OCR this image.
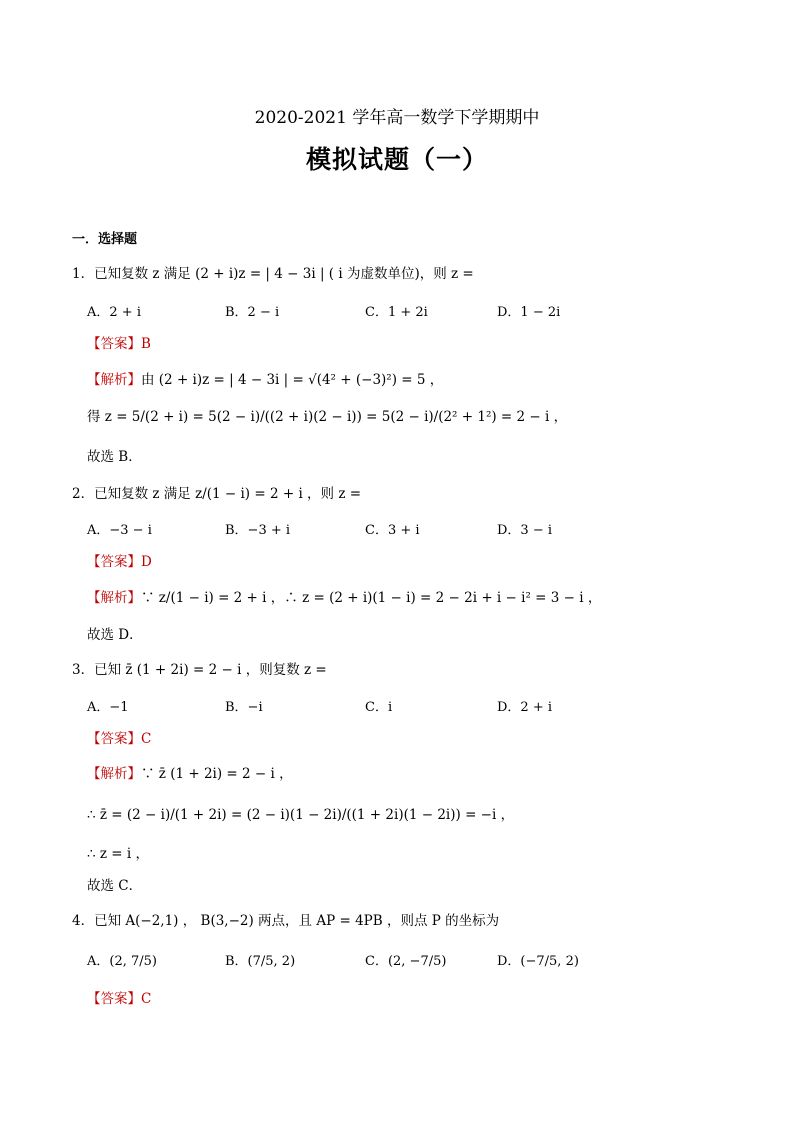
2020-2021 学年高一数学下学期期中
模拟试题（一）
一．选择题
1．已知复数 z 满足 (2 + i)z = | 4 − 3i | ( i 为虚数单位)，则 z =
A．2 + i	B．2 − i	C．1 + 2i	D．1 − 2i
【答案】B
【解析】由 (2 + i)z = | 4 − 3i | = √(4² + (−3)²) = 5 ，
得 z = 5/(2 + i) = 5(2 − i)/((2 + i)(2 − i)) = 5(2 − i)/(2² + 1²) = 2 − i ，
故选 B．
2．已知复数 z 满足 z/(1 − i) = 2 + i ，则 z =
A．−3 − i	B．−3 + i	C．3 + i	D．3 − i
【答案】D
【解析】∵ z/(1 − i) = 2 + i ，∴ z = (2 + i)(1 − i) = 2 − 2i + i − i² = 3 − i ，
故选 D．
3．已知 z̄ (1 + 2i) = 2 − i ，则复数 z =
A．−1	B．−i	C．i	D．2 + i
【答案】C
【解析】∵ z̄ (1 + 2i) = 2 − i ，
∴ z̄ = (2 − i)/(1 + 2i) = (2 − i)(1 − 2i)/((1 + 2i)(1 − 2i)) = −i ，
∴ z = i ，
故选 C．
4．已知 A(−2,1) ， B(3,−2) 两点，且 AP = 4PB ，则点 P 的坐标为
A．(2, 7/5)	B．(7/5, 2)	C．(2, −7/5)	D．(−7/5, 2)
【答案】C
